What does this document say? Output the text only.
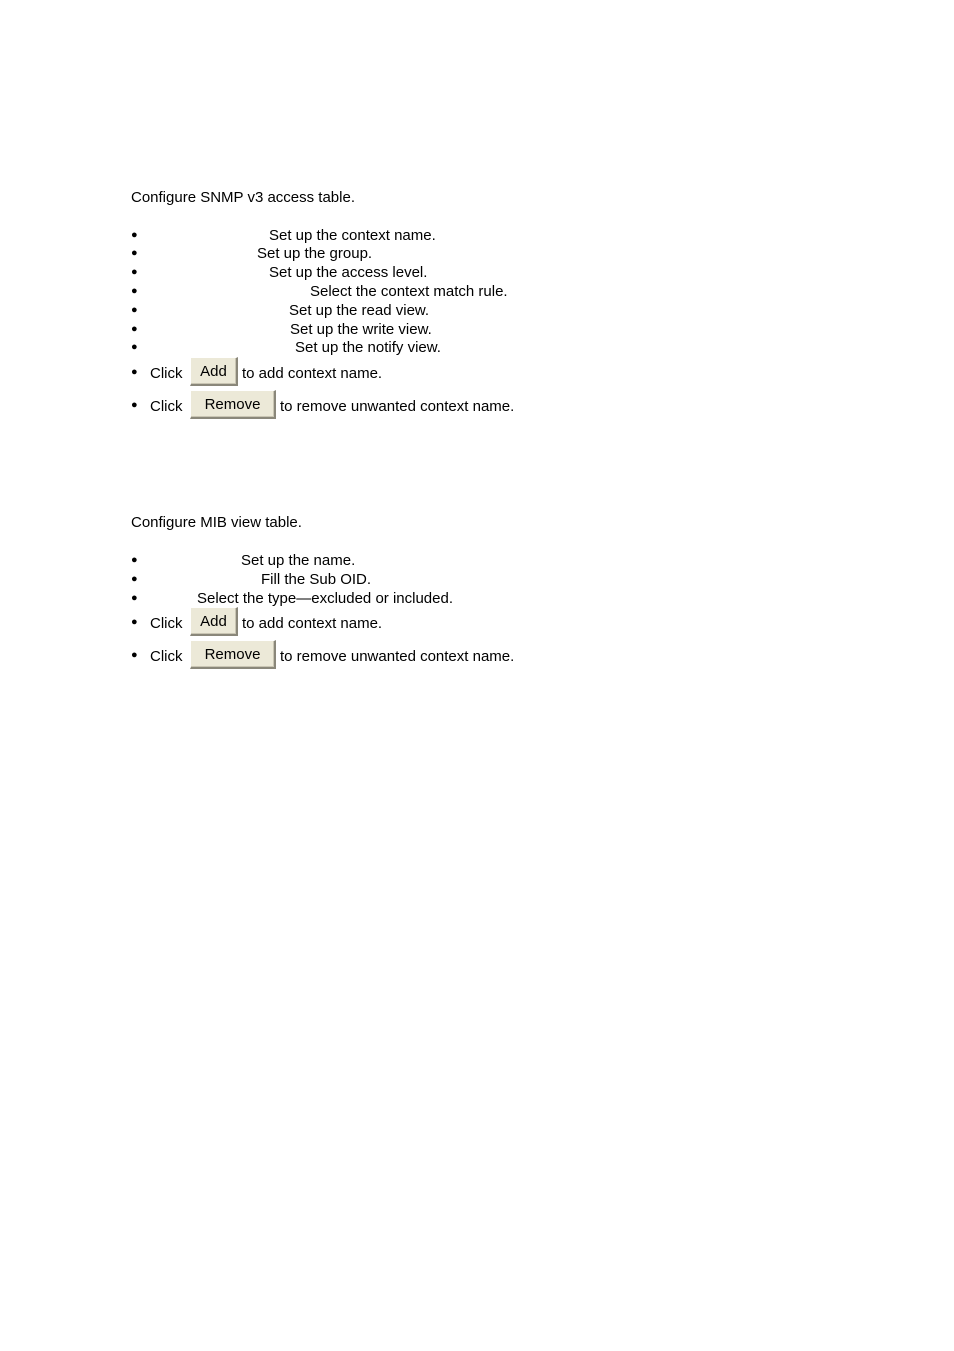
Configure SNMP v3 access table.
●	Set up the context name.
●	Set up the group.
●	Set up the access level.
●	Select the context match rule.
●	Set up the read view.
●	Set up the write view.
●	Set up the notify view.
● Click	Add	to add context name.
● Click	Remove	to remove unwanted context name.
Configure MIB view table.
●	Set up the name.
●	Fill the Sub OID.
●	Select the type—excluded or included.
● Click	Add	to add context name.
● Click	Remove	to remove unwanted context name.
